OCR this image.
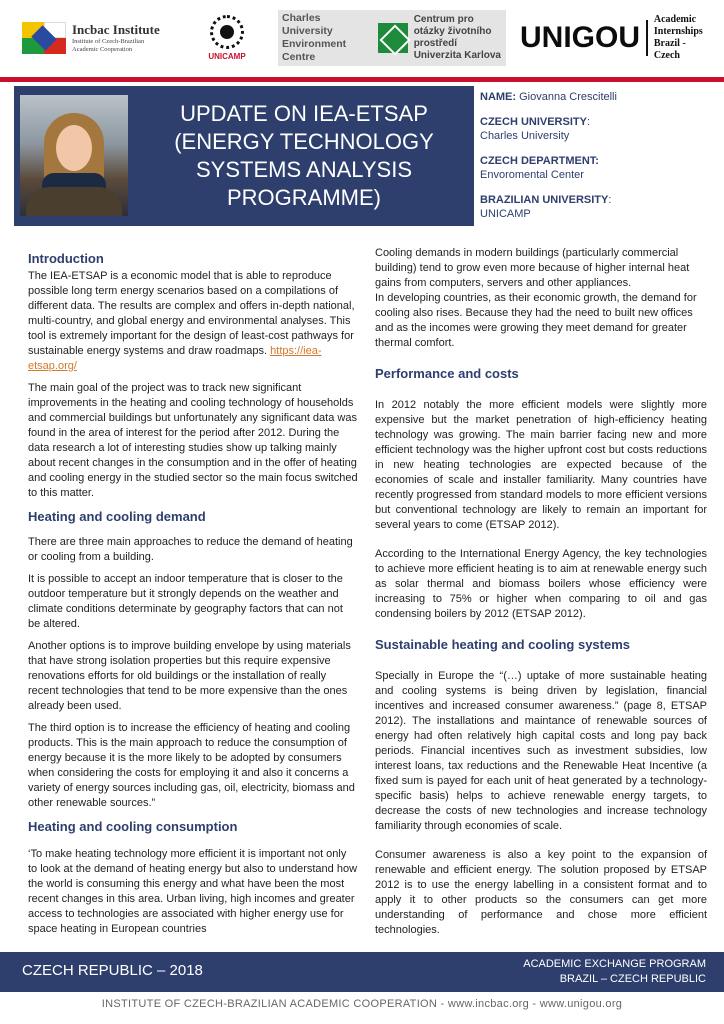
Incbac Institute
Institute of Czech-Brazilian Academic Cooperation
UNICAMP
Charles University Environment Centre
Centrum pro otázky životního prostředí Univerzita Karlova
UNIGOU
Academic
Internships
Brazil - Czech
UPDATE ON IEA-ETSAP (ENERGY TECHNOLOGY SYSTEMS ANALYSIS PROGRAMME)
NAME: Giovanna Crescitelli
CZECH UNIVERSITY:
Charles University
CZECH DEPARTMENT:
Envoromental Center
BRAZILIAN UNIVERSITY:
UNICAMP
Introduction

The IEA-ETSAP is a economic model that is able to reproduce possible long term energy scenarios based on a compilations of different data. The results are complex and offers in-depth national, multi-country, and global energy and environmental analyses. This tool is extremely important for the design of least-cost pathways for sustainable energy systems and draw roadmaps. https://iea-etsap.org/

The main goal of the project was to track new significant improvements in the heating and cooling technology of households and commercial buildings but unfortunately any significant data was found in the area of interest for the period after 2012. During the data research a lot of interesting studies show up talking mainly about recent changes in the consumption and in the offer of heating and cooling energy in the studied sector so the main focus switched to this matter.

Heating and cooling demand

There are three main approaches to reduce the demand of heating or cooling from a building.

It is possible to accept an indoor temperature that is closer to the outdoor temperature but it strongly depends on the weather and climate conditions determinate by geography factors that can not be altered.

Another options is to improve building envelope by using materials that have strong isolation properties but this require expensive renovations efforts for old buildings or the installation of really recent technologies that tend to be more expensive than the ones already been used.

The third option is to increase the efficiency of heating and cooling products. This is the main approach to reduce the consumption of energy because it is the more likely to be adopted by consumers when considering the costs for employing it and also it concerns a variety of energy sources including gas, oil, electricity, biomass and other renewable sources.”

Heating and cooling consumption

‘To make heating technology more efficient it is important not only to look at the demand of heating energy but also to understand how the world is consuming this energy and what have been the most recent changes in this area. Urban living, high incomes and greater access to technologies are associated with higher energy use for space heating in European countries

Cooling demands in modern buildings (particularly commercial building) tend to grow even more because of higher internal heat gains from computers, servers and other appliances.

In developing countries, as their economic growth, the demand for cooling also rises. Because they had the need to built new offices and as the incomes were growing they meet demand for greater thermal comfort.

Performance and costs

In 2012 notably the more efficient models were slightly more expensive but the market penetration of high-efficiency heating technology was growing. The main barrier facing new and more efficient technology was the higher upfront cost but costs reductions in new heating technologies are expected because of the economies of scale and installer familiarity. Many countries have recently progressed from standard models to more efficient versions but conventional technology are likely to remain an important for several years to come (ETSAP 2012).

According to the International Energy Agency, the key technologies to achieve more efficient heating is to aim at renewable energy such as solar thermal and biomass boilers whose efficiency were increasing to 75% or higher when comparing to oil and gas condensing boilers by 2012 (ETSAP 2012).

Sustainable heating and cooling systems

Specially in Europe the “(…) uptake of more sustainable heating and cooling systems is being driven by legislation, financial incentives and increased consumer awareness.” (page 8, ETSAP 2012). The installations and maintance of renewable sources of energy had often relatively high capital costs and long pay back periods. Financial incentives such as investment subsidies, low interest loans, tax reductions and the Renewable Heat Incentive (a fixed sum is payed for each unit of heat generated by a technology-specific basis) helps to achieve renewable energy targets, to decrease the costs of new technologies and increase technology familiarity through economies of scale.

Consumer awareness is also a key point to the expansion of renewable and efficient energy. The solution proposed by ETSAP 2012 is to use the energy labelling in a consistent format and to apply it to other products so the consumers can get more understanding of performance and chose more efficient technologies.

CZECH REPUBLIC – 2018	ACADEMIC EXCHANGE PROGRAM
BRAZIL – CZECH REPUBLIC
INSTITUTE OF CZECH-BRAZILIAN ACADEMIC COOPERATION - www.incbac.org - www.unigou.org
